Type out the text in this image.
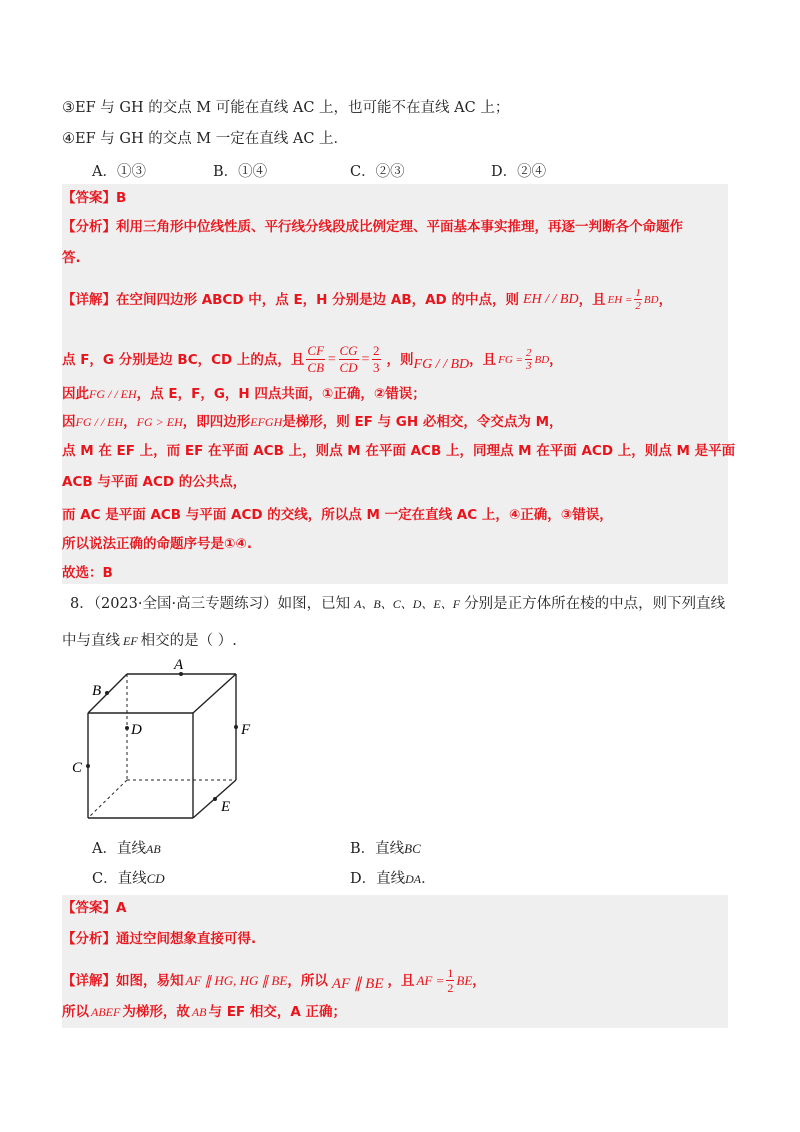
③EF 与 GH 的交点 M 可能在直线 AC 上，也可能不在直线 AC 上；
④EF 与 GH 的交点 M 一定在直线 AC 上．
A．①③	B．①④	C．②③	D．②④
【答案】B
【分析】利用三角形中位线性质、平行线分线段成比例定理、平面基本事实推理，再逐一判断各个命题作
答.
【详解】在空间四边形 ABCD 中，点 E，H 分别是边 AB，AD 的中点，则 EH / / BD ，且 EH = $\frac{1}{2}$ BD ，
点 F，G 分别是边 BC，CD 上的点，且 $\frac{CF}{CB} = \frac{CG}{CD} = \frac{2}{3}$ ，则 FG / / BD ，且 FG = $\frac{2}{3}$ BD ，
因此 FG / / EH ，点 E，F，G，H 四点共面，①正确，②错误；
因 FG / / EH ， FG > EH ，即四边形 EFGH 是梯形，则 EF 与 GH 必相交，令交点为 M，
点 M 在 EF 上，而 EF 在平面 ACB 上，则点 M 在平面 ACB 上，同理点 M 在平面 ACD 上，则点 M 是平面
ACB 与平面 ACD 的公共点，
而 AC 是平面 ACB 与平面 ACD 的交线，所以点 M 一定在直线 AC 上，④正确，③错误，
所以说法正确的命题序号是①④.
故选：B
8．（2023·全国·高三专题练习）如图，已知 A、B、C、D、E、F 分别是正方体所在棱的中点，则下列直线
中与直线 EF 相交的是（ ）.
A
B
C
D
E
F
A．直线AB	B．直线BC
C．直线CD	D．直线DA．
【答案】A
【分析】通过空间想象直接可得.
【详解】如图，易知 AF ∥ HG, HG ∥ BE ，所以 AF ∥ BE ，且 AF = $\frac{1}{2}$ BE ，
所以 ABEF 为梯形，故 AB 与 EF 相交，A 正确；
